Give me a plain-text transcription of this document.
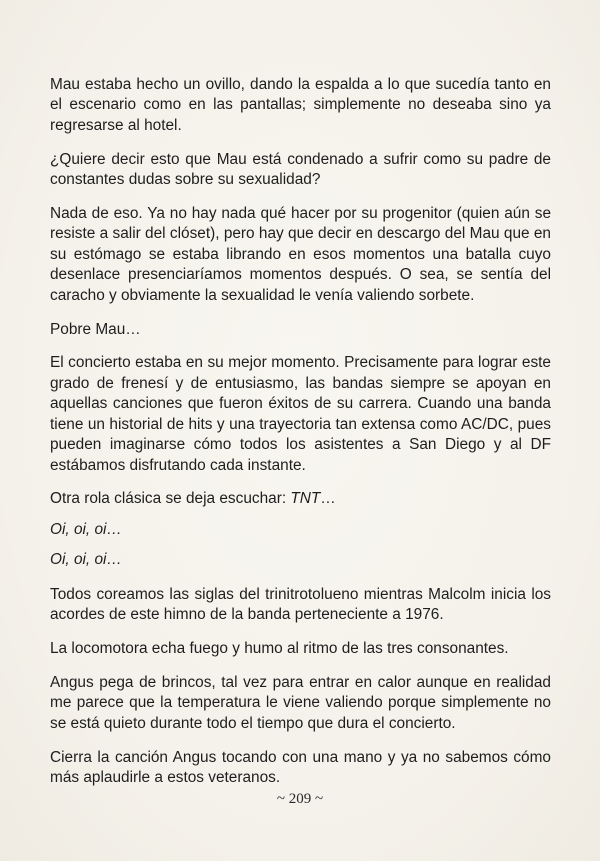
Mau estaba hecho un ovillo, dando la espalda a lo que sucedía tanto en el escenario como en las pantallas; simplemente no deseaba sino ya regresarse al hotel.

¿Quiere decir esto que Mau está condenado a sufrir como su padre de constantes dudas sobre su sexualidad?

Nada de eso. Ya no hay nada qué hacer por su progenitor (quien aún se resiste a salir del clóset), pero hay que decir en descargo del Mau que en su estómago se estaba librando en esos momentos una batalla cuyo desenlace presenciaríamos momentos después. O sea, se sentía del caracho y obviamente la sexualidad le venía valiendo sorbete.

Pobre Mau…

El concierto estaba en su mejor momento. Precisamente para lograr este grado de frenesí y de entusiasmo, las bandas siempre se apoyan en aquellas canciones que fueron éxitos de su carrera. Cuando una banda tiene un historial de hits y una trayectoria tan extensa como AC/DC, pues pueden imaginarse cómo todos los asistentes a San Diego y al DF estábamos disfrutando cada instante.

Otra rola clásica se deja escuchar: TNT…

Oi, oi, oi…

Oi, oi, oi…

Todos coreamos las siglas del trinitrotolueno mientras Malcolm inicia los acordes de este himno de la banda perteneciente a 1976.

La locomotora echa fuego y humo al ritmo de las tres consonantes.

Angus pega de brincos, tal vez para entrar en calor aunque en realidad me parece que la temperatura le viene valiendo porque simplemente no se está quieto durante todo el tiempo que dura el concierto.

Cierra la canción Angus tocando con una mano y ya no sabemos cómo más aplaudirle a estos veteranos.

~ 209 ~
